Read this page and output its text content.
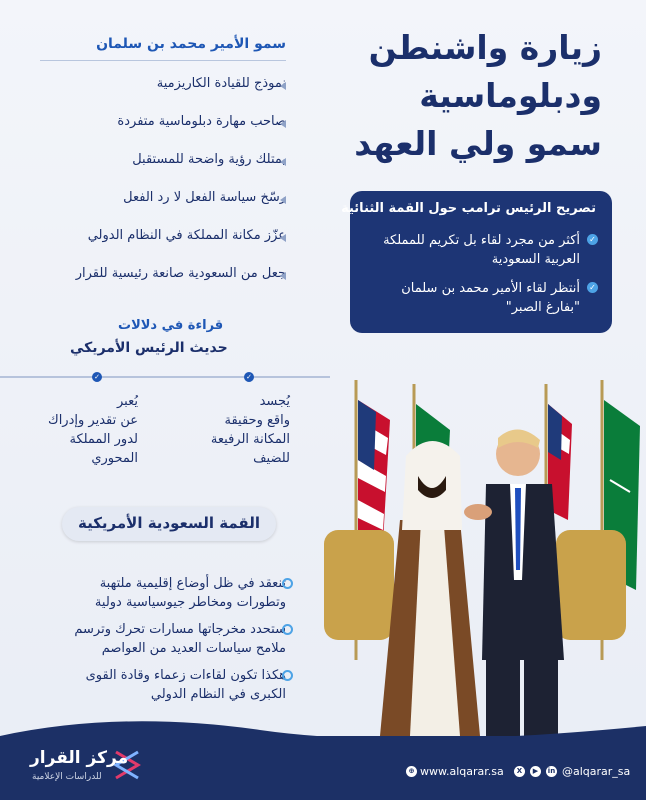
زيارة واشنطن
ودبلوماسية
سمو ولي العهد
تصريح الرئيس ترامب حول القمة الثنائية
✓
أكثر من مجرد لقاء بل تكريم للمملكة
العربية السعودية
✓
أنتظر لقاء الأمير محمد بن سلمان
"بفارغ الصبر"
سمو الأمير محمد بن سلمان
نموذج للقيادة الكاريزمية
صاحب مهارة دبلوماسية متفردة
يمتلك رؤية واضحة للمستقبل
رسّخ سياسة الفعل لا رد الفعل
عزّز مكانة المملكة في النظام الدولي
جعل من السعودية صانعة رئيسية للقرار
قراءة في دلالات
حديث الرئيس الأمريكي
✓	✓
يُجسد
واقع وحقيقة
المكانة الرفيعة
للضيف
يُعبر
عن تقدير وإدراك
لدور المملكة
المحوري
القمة السعودية الأمريكية
تنعقد في ظل أوضاع إقليمية ملتهبة
وتطورات ومخاطر جيوسياسية دولية
ستحدد مخرجاتها مسارات تحرك وترسم
ملامح سياسات العديد من العواصم
هكذا تكون لقاءات زعماء وقادة القوى
الكبرى في النظام الدولي
مركز القرار
للدراسات الإعلامية
⊕ www.alqarar.sa	X	▶	in @alqarar_sa
